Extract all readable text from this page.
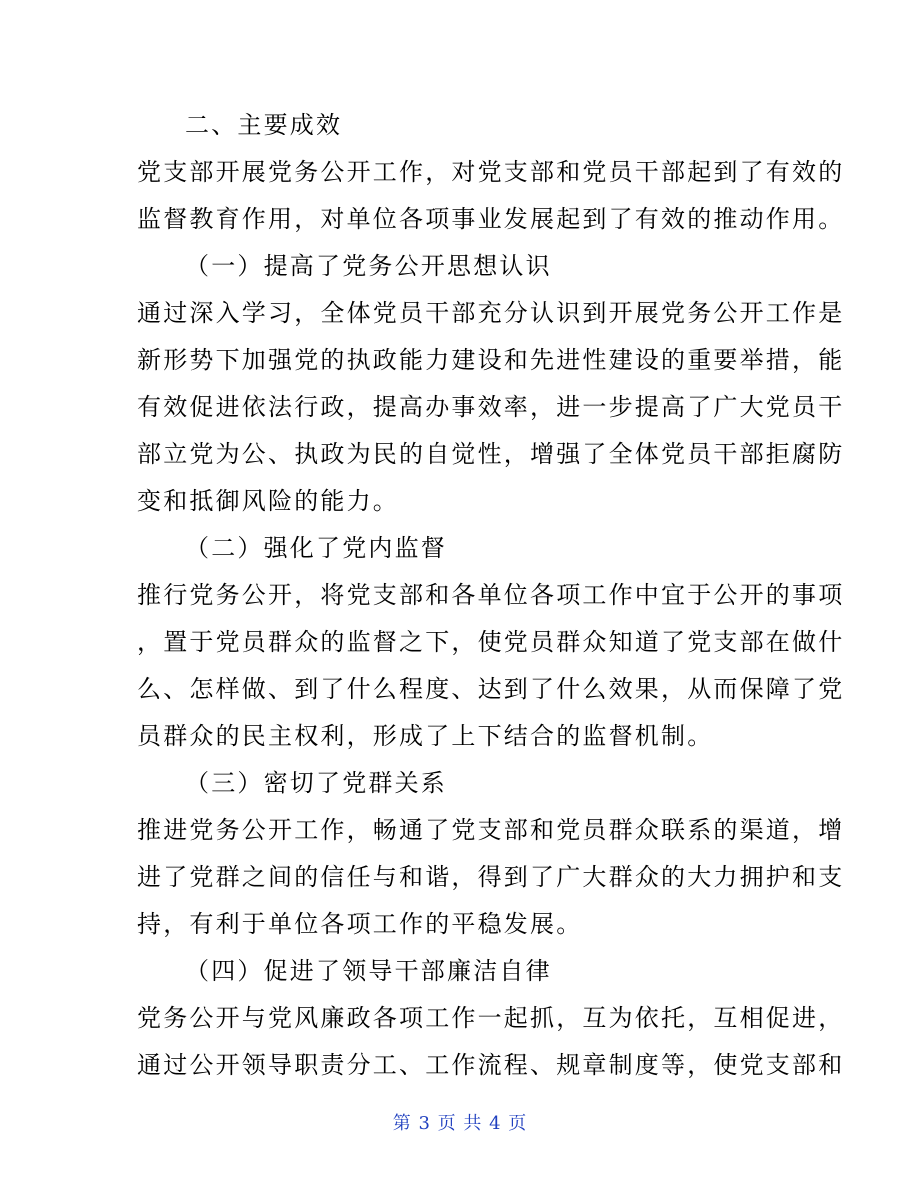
二、主要成效
党支部开展党务公开工作，对党支部和党员干部起到了有效的
监督教育作用，对单位各项事业发展起到了有效的推动作用。
（一）提高了党务公开思想认识
通过深入学习，全体党员干部充分认识到开展党务公开工作是
新形势下加强党的执政能力建设和先进性建设的重要举措，能
有效促进依法行政，提高办事效率，进一步提高了广大党员干
部立党为公、执政为民的自觉性，增强了全体党员干部拒腐防
变和抵御风险的能力。
（二）强化了党内监督
推行党务公开，将党支部和各单位各项工作中宜于公开的事项
，置于党员群众的监督之下，使党员群众知道了党支部在做什
么、怎样做、到了什么程度、达到了什么效果，从而保障了党
员群众的民主权利，形成了上下结合的监督机制。
（三）密切了党群关系
推进党务公开工作，畅通了党支部和党员群众联系的渠道，增
进了党群之间的信任与和谐，得到了广大群众的大力拥护和支
持，有利于单位各项工作的平稳发展。
（四）促进了领导干部廉洁自律
党务公开与党风廉政各项工作一起抓，互为依托，互相促进，
通过公开领导职责分工、工作流程、规章制度等，使党支部和
第 3 页 共 4 页
